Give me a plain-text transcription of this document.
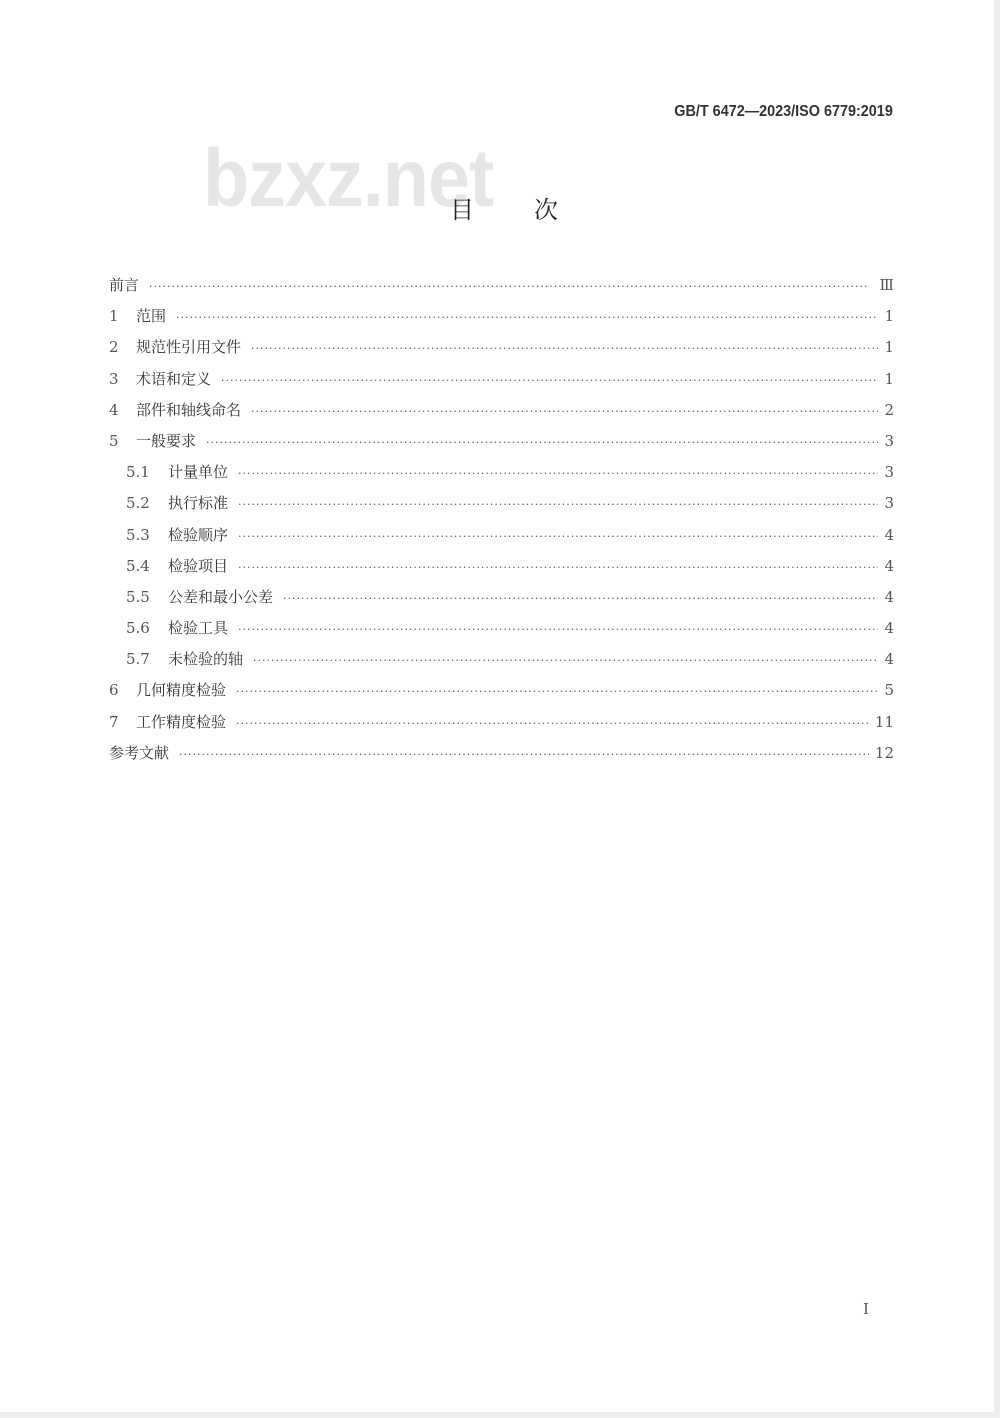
GB/T 6472—2023/ISO 6779:2019
bzxz.net
目次
前言 ·····	Ⅲ
1	范围 ·····	1
2	规范性引用文件 ·····	1
3	术语和定义 ·····	1
4	部件和轴线命名 ·····	2
5	一般要求 ·····	3
5.1	计量单位 ·····	3
5.2	执行标准 ·····	3
5.3	检验顺序 ·····	4
5.4	检验项目 ·····	4
5.5	公差和最小公差 ·····	4
5.6	检验工具 ·····	4
5.7	未检验的轴 ·····	4
6	几何精度检验 ·····	5
7	工作精度检验 ·····	11
参考文献 ·····	12
I
